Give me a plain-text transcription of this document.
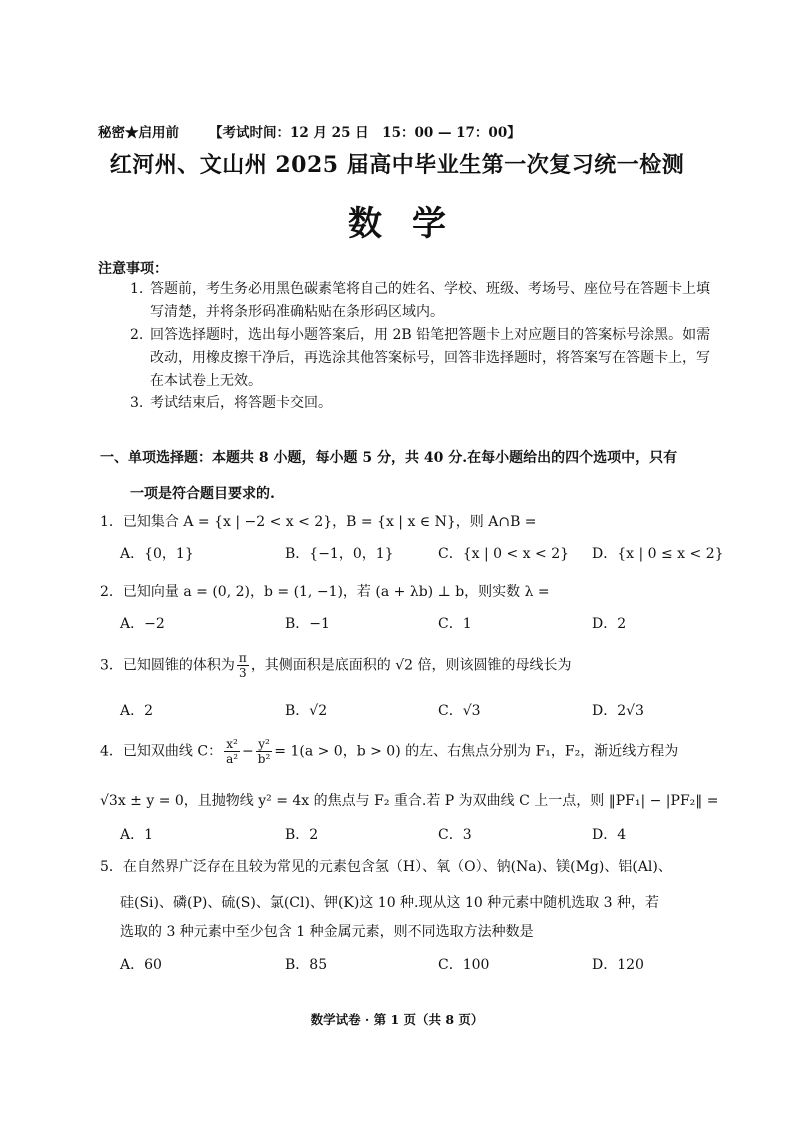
秘密★启用前 【考试时间：12 月 25 日　15：00 — 17：00】
红河州、文山州 2025 届高中毕业生第一次复习统一检测
数学
注意事项：
1. 答题前，考生务必用黑色碳素笔将自己的姓名、学校、班级、考场号、座位号在答题卡上填写清楚，并将条形码准确粘贴在条形码区域内。
2. 回答选择题时，选出每小题答案后，用 2B 铅笔把答题卡上对应题目的答案标号涂黑。如需改动，用橡皮擦干净后，再选涂其他答案标号，回答非选择题时，将答案写在答题卡上，写在本试卷上无效。
3. 考试结束后，将答题卡交回。
一、单项选择题：本题共 8 小题，每小题 5 分，共 40 分.在每小题给出的四个选项中，只有
一项是符合题目要求的.
1．已知集合 A = {x | −2 < x < 2}，B = {x | x ∈ N}，则 A∩B =
A．{0，1}	B．{−1，0，1}	C．{x | 0 < x < 2} D．{x | 0 ≤ x < 2}
2．已知向量 a = (0, 2)，b = (1, −1)，若 (a + λb) ⊥ b，则实数 λ =
A．−2	B．−1	C．1	D．2
3．已知圆锥的体积为 $\frac{\pi}{3}$ ，其侧面积是底面积的 √2 倍，则该圆锥的母线长为
A．2	B．√2	C．√3	D．2√3
4．已知双曲线 C： $\frac{\text{x²}}{\text{a²}} - \frac{\text{y²}}{\text{b²}} = 1(a > 0$，b > 0) 的左、右焦点分别为 F₁，F₂，渐近线方程为
√3x ± y = 0，且抛物线 y² = 4x 的焦点与 F₂ 重合.若 P 为双曲线 C 上一点，则 ‖PF₁| − |PF₂‖ =
A．1	B．2	C．3	D．4
5．在自然界广泛存在且较为常见的元素包含氢（H）、氧（O）、钠(Na)、镁(Mg)、铝(Al)、
硅(Si)、磷(P)、硫(S)、氯(Cl)、钾(K)这 10 种.现从这 10 种元素中随机选取 3 种，若
选取的 3 种元素中至少包含 1 种金属元素，则不同选取方法种数是
A．60	B．85	C．100	D．120
数学试卷 · 第 1 页（共 8 页）
